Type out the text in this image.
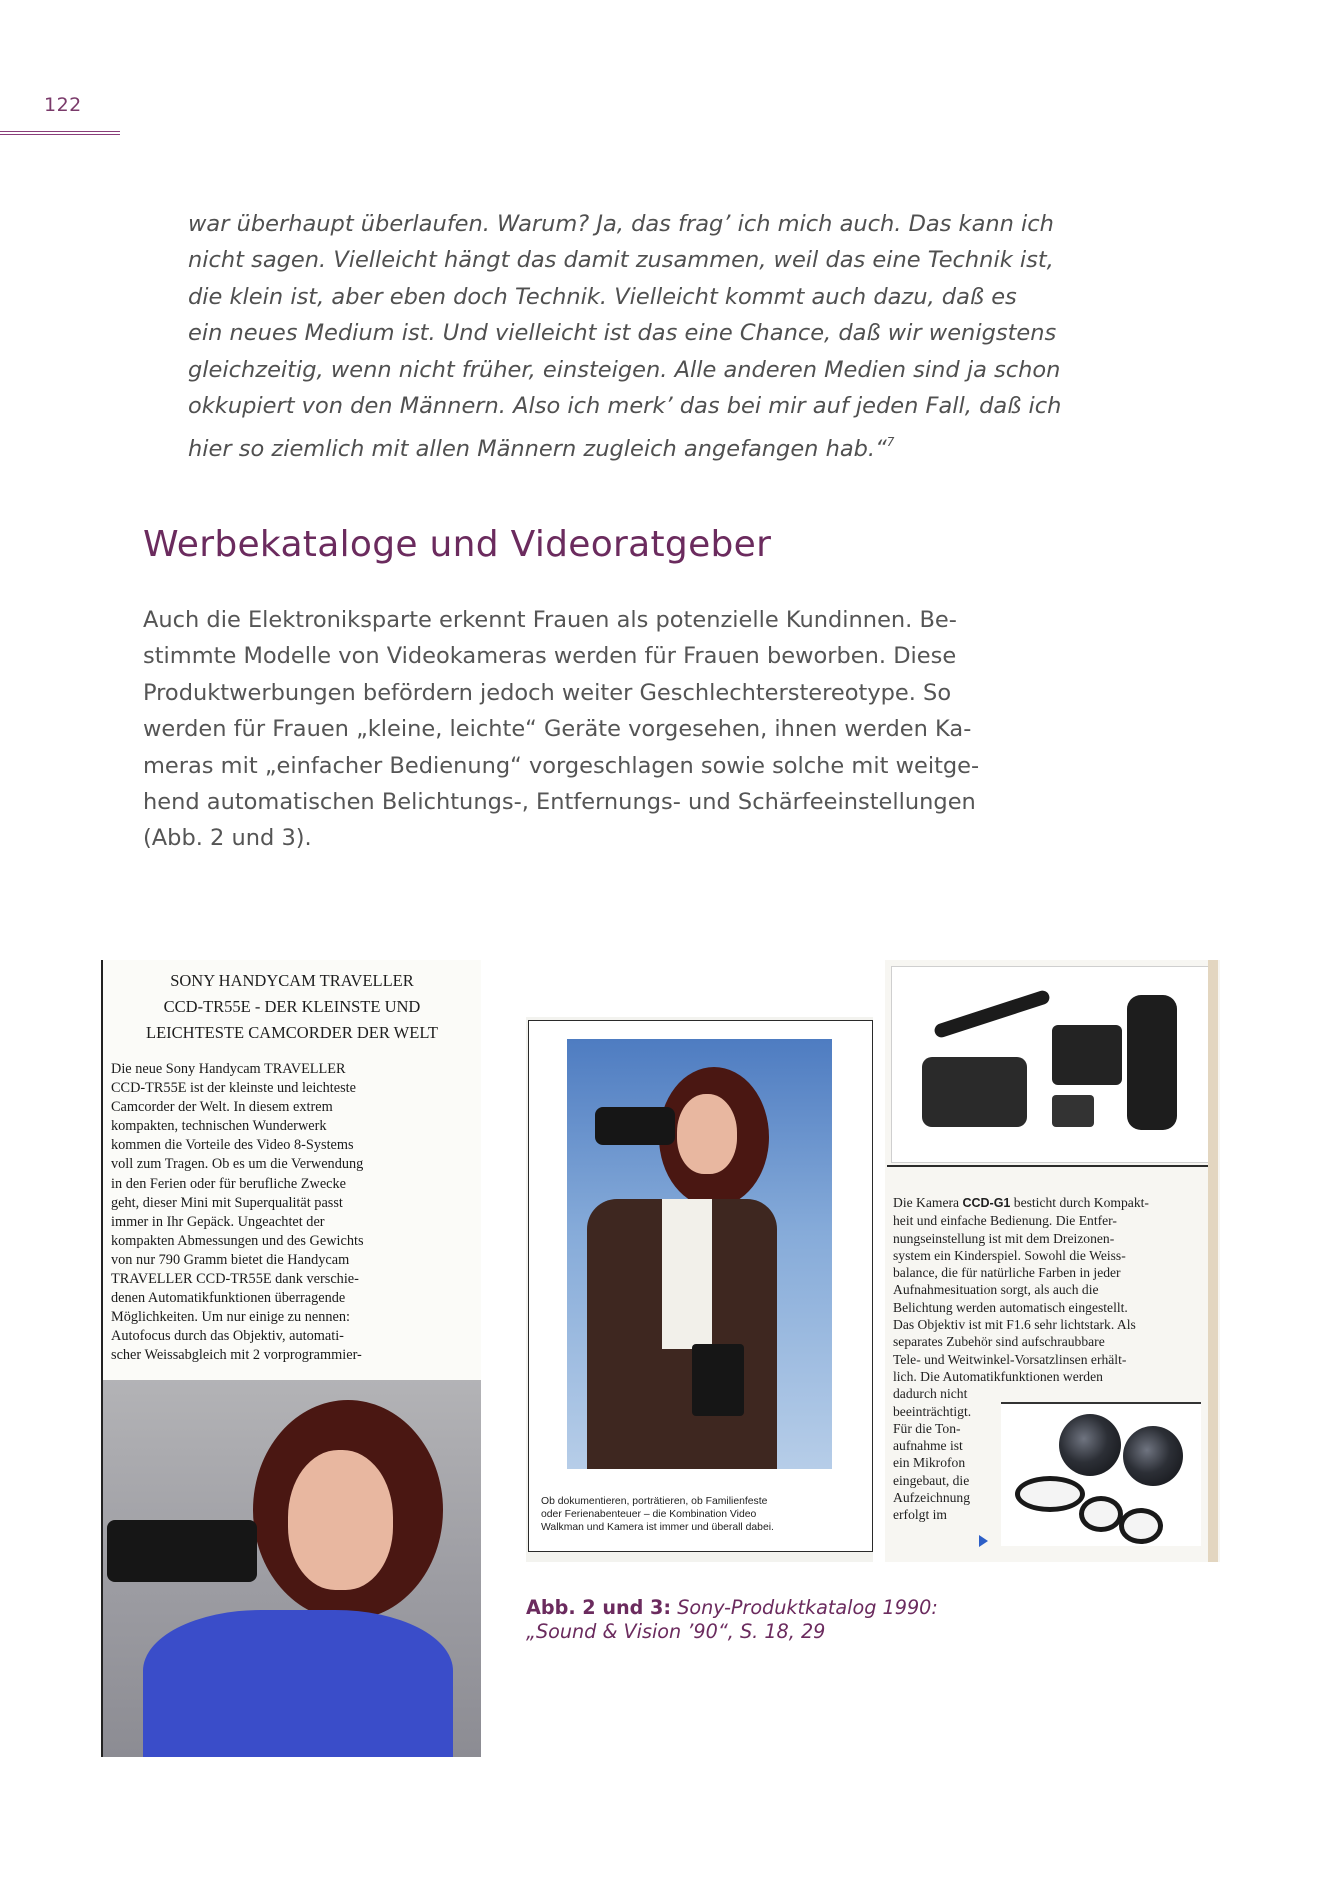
122
war überhaupt überlaufen. Warum? Ja, das frag’ ich mich auch. Das kann ich
nicht sagen. Vielleicht hängt das damit zusammen, weil das eine Technik ist,
die klein ist, aber eben doch Technik. Vielleicht kommt auch dazu, daß es
ein neues Medium ist. Und vielleicht ist das eine Chance, daß wir wenigstens
gleichzeitig, wenn nicht früher, einsteigen. Alle anderen Medien sind ja schon
okkupiert von den Männern. Also ich merk’ das bei mir auf jeden Fall, daß ich
hier so ziemlich mit allen Männern zugleich angefangen hab.“$^7$
Werbekataloge und Videoratgeber
Auch die Elektroniksparte erkennt Frauen als potenzielle Kundinnen. Be-
stimmte Modelle von Videokameras werden für Frauen beworben. Diese
Produktwerbungen befördern jedoch weiter Geschlechterstereotype. So
werden für Frauen „kleine, leichte“ Geräte vorgesehen, ihnen werden Ka-
meras mit „einfacher Bedienung“ vorgeschlagen sowie solche mit weitge-
hend automatischen Belichtungs-, Entfernungs- und Schärfeeinstellungen
(Abb. 2 und 3).
SONY HANDYCAM TRAVELLER
CCD-TR55E - DER KLEINSTE UND
LEICHTESTE CAMCORDER DER WELT
Die neue Sony Handycam TRAVELLER
CCD-TR55E ist der kleinste und leichteste
Camcorder der Welt. In diesem extrem
kompakten, technischen Wunderwerk
kommen die Vorteile des Video 8-Systems
voll zum Tragen. Ob es um die Verwendung
in den Ferien oder für berufliche Zwecke
geht, dieser Mini mit Superqualität passt
immer in Ihr Gepäck. Ungeachtet der
kompakten Abmessungen und des Gewichts
von nur 790 Gramm bietet die Handycam
TRAVELLER CCD-TR55E dank verschie-
denen Automatikfunktionen überragende
Möglichkeiten. Um nur einige zu nennen:
Autofocus durch das Objektiv, automati-
scher Weissabgleich mit 2 vorprogrammier-
Ob dokumentieren, porträtieren, ob Familienfeste
oder Ferienabenteuer – die Kombination Video
Walkman und Kamera ist immer und überall dabei.
Die Kamera CCD-G1 besticht durch Kompakt-
heit und einfache Bedienung. Die Entfer-
nungseinstellung ist mit dem Dreizonen-
system ein Kinderspiel. Sowohl die Weiss-
balance, die für natürliche Farben in jeder
Aufnahmesituation sorgt, als auch die
Belichtung werden automatisch eingestellt.
Das Objektiv ist mit F1.6 sehr lichtstark. Als
separates Zubehör sind aufschraubbare
Tele- und Weitwinkel-Vorsatzlinsen erhält-
lich. Die Automatikfunktionen werden
dadurch nicht
beeinträchtigt.
Für die Ton-
aufnahme ist
ein Mikrofon
eingebaut, die
Aufzeichnung
erfolgt im
Abb. 2 und 3: Sony-Produktkatalog 1990:
„Sound & Vision ’90“, S. 18, 29
